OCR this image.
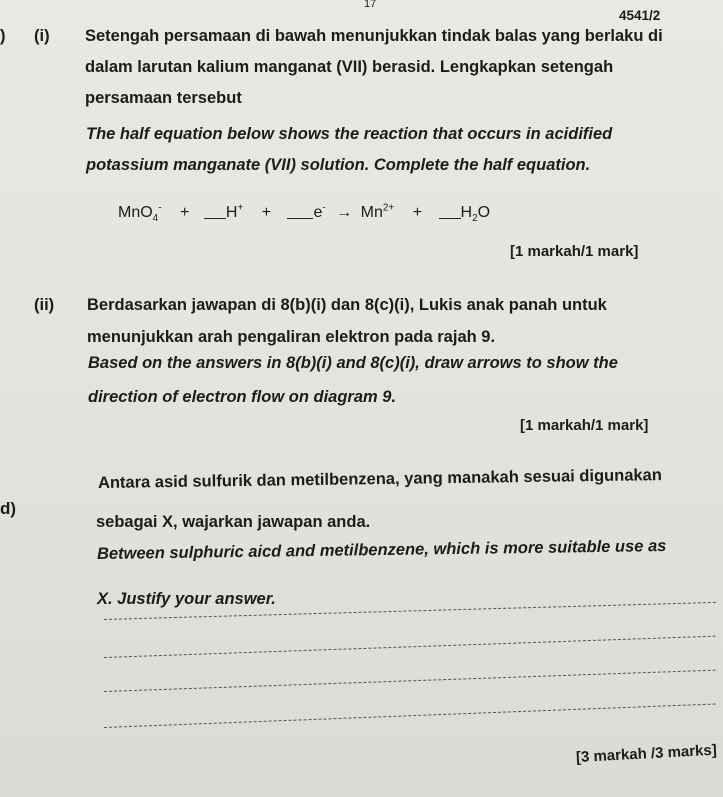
17
4541/2
) (i) Setengah persamaan di bawah menunjukkan tindak balas yang berlaku di
dalam larutan kalium manganat (VII) berasid. Lengkapkan setengah
persamaan tersebut
The half equation below shows the reaction that occurs in acidified
potassium manganate (VII) solution. Complete the half equation.
MnO$_4$- + H+ +	$e^- \to Mn^{2+} + H_2O$
[1 markah/1 mark]
(ii) Berdasarkan jawapan di 8(b)(i) dan 8(c)(i), Lukis anak panah untuk
menunjukkan arah pengaliran elektron pada rajah 9.
Based on the answers in 8(b)(i) and 8(c)(i), draw arrows to show the
direction of electron flow on diagram 9.
[1 markah/1 mark]
d)
Antara asid sulfurik dan metilbenzena, yang manakah sesuai digunakan
sebagai X, wajarkan jawapan anda.
Between sulphuric aicd and metilbenzene, which is more suitable use as
X. Justify your answer.
[3 markah /3 marks]
